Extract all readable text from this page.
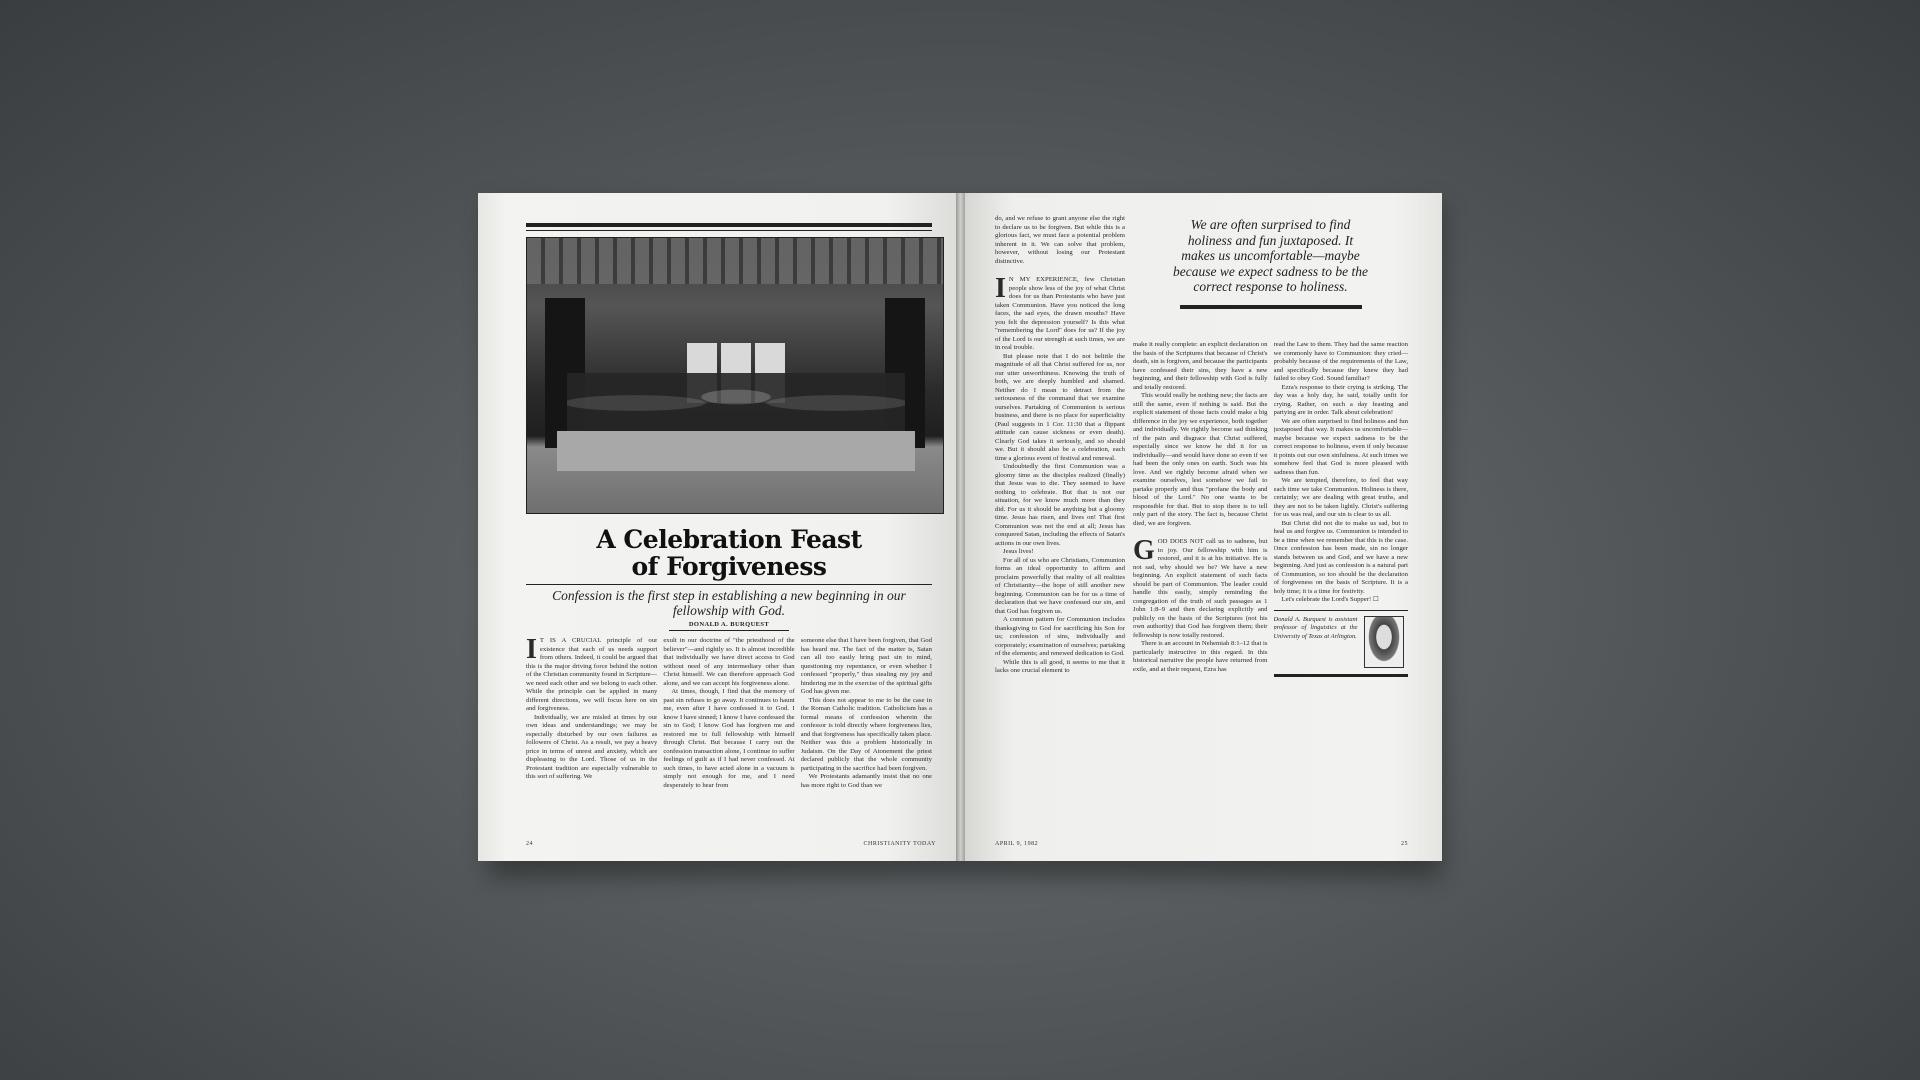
A Celebration Feast
of Forgiveness
Confession is the first step in establishing a new beginning in our fellowship with God.
DONALD A. BURQUEST

I T IS A CRUCIAL principle of our existence that each of us needs support from others. Indeed, it could be argued that this is the major driving force behind the notion of the Christian community found in Scripture—we need each other and we belong to each other. While the principle can be applied in many different directions, we will focus here on sin and forgiveness.

Individually, we are misled at times by our own ideas and understandings; we may be especially disturbed by our own failures as followers of Christ. As a result, we pay a heavy price in terms of unrest and anxiety, which are displeasing to the Lord. Those of us in the Protestant tradition are especially vulnerable to this sort of suffering. We

exult in our doctrine of "the priesthood of the believer"—and rightly so. It is almost incredible that individually we have direct access to God without need of any intermediary other than Christ himself. We can therefore approach God alone, and we can accept his forgiveness alone.

At times, though, I find that the memory of past sin refuses to go away. It continues to haunt me, even after I have confessed it to God. I know I have sinned; I know I have confessed the sin to God; I know God has forgiven me and restored me to full fellowship with himself through Christ. But because I carry out the confession transaction alone, I continue to suffer feelings of guilt as if I had never confessed. At such times, to have acted alone in a vacuum is simply not enough for me, and I need desperately to hear from

someone else that I have been forgiven, that God has heard me. The fact of the matter is, Satan can all too easily bring past sin to mind, questioning my repentance, or even whether I confessed "properly," thus stealing my joy and hindering me in the exercise of the spiritual gifts God has given me.

This does not appear to me to be the case in the Roman Catholic tradition. Catholicism has a formal means of confession wherein the confessor is told directly where forgiveness lies, and that forgiveness has specifically taken place. Neither was this a problem historically in Judaism. On the Day of Atonement the priest declared publicly that the whole community participating in the sacrifice had been forgiven.

We Protestants adamantly insist that no one has more right to God than we

24	CHRISTIANITY TODAY

do, and we refuse to grant anyone else the right to declare us to be forgiven. But while this is a glorious fact, we must face a potential problem inherent in it. We can solve that problem, however, without losing our Protestant distinctive.

I N MY EXPERIENCE, few Christian people show less of the joy of what Christ does for us than Protestants who have just taken Communion. Have you noticed the long faces, the sad eyes, the drawn mouths? Have you felt the depression yourself? Is this what "remembering the Lord" does for us? If the joy of the Lord is our strength at such times, we are in real trouble.

But please note that I do not belittle the magnitude of all that Christ suffered for us, nor our utter unworthiness. Knowing the truth of both, we are deeply humbled and shamed. Neither do I mean to detract from the seriousness of the command that we examine ourselves. Partaking of Communion is serious business, and there is no place for superficiality (Paul suggests in 1 Cor. 11:30 that a flippant attitude can cause sickness or even death). Clearly God takes it seriously, and so should we. But it should also be a celebration, each time a glorious event of festival and renewal.

Undoubtedly the first Communion was a gloomy time as the disciples realized (finally) that Jesus was to die. They seemed to have nothing to celebrate. But that is not our situation, for we know much more than they did. For us it should be anything but a gloomy time. Jesus has risen, and lives on! That first Communion was not the end at all; Jesus has conquered Satan, including the effects of Satan's actions in our own lives.

Jesus lives!

For all of us who are Christians, Communion forms an ideal opportunity to affirm and proclaim powerfully that reality of all realities of Christianity—the hope of still another new beginning. Communion can be for us a time of declaration that we have confessed our sin, and that God has forgiven us.

A common pattern for Communion includes thanksgiving to God for sacrificing his Son for us; confession of sins, individually and corporately; examination of ourselves; partaking of the elements; and renewed dedication to God.

While this is all good, it seems to me that it lacks one crucial element to

We are often surprised to find holiness and fun juxtaposed. It makes us uncomfortable—maybe because we expect sadness to be the correct response to holiness.

make it really complete: an explicit declaration on the basis of the Scriptures that because of Christ's death, sin is forgiven, and because the participants have confessed their sins, they have a new beginning, and their fellowship with God is fully and totally restored.

This would really be nothing new; the facts are still the same, even if nothing is said. But the explicit statement of those facts could make a big difference in the joy we experience, both together and individually. We rightly become sad thinking of the pain and disgrace that Christ suffered, especially since we know he did it for us individually—and would have done so even if we had been the only ones on earth. Such was his love. And we rightly become afraid when we examine ourselves, lest somehow we fail to partake properly and thus "profane the body and blood of the Lord." No one wants to be responsible for that. But to stop there is to tell only part of the story. The fact is, because Christ died, we are forgiven.

GOD DOES NOT call us to sadness, but to joy. Our fellowship with him is restored, and it is at his initiative. He is not sad, why should we be? We have a new beginning. An explicit statement of such facts should be part of Communion. The leader could handle this easily, simply reminding the congregation of the truth of such passages as 1 John 1:8–9 and then declaring explicitly and publicly on the basis of the Scriptures (not his own authority) that God has forgiven them; their fellowship is now totally restored.

There is an account in Nehemiah 8:1–12 that is particularly instructive in this regard. In this historical narrative the people have returned from exile, and at their request, Ezra has

read the Law to them. They had the same reaction we commonly have to Communion: they cried—probably because of the requirements of the Law, and specifically because they knew they had failed to obey God. Sound familiar?

Ezra's response to their crying is striking. The day was a holy day, he said, totally unfit for crying. Rather, on such a day feasting and partying are in order. Talk about celebration!

We are often surprised to find holiness and fun juxtaposed that way. It makes us uncomfortable—maybe because we expect sadness to be the correct response to holiness, even if only because it points out our own sinfulness. At such times we somehow feel that God is more pleased with sadness than fun.

We are tempted, therefore, to feel that way each time we take Communion. Holiness is there, certainly; we are dealing with great truths, and they are not to be taken lightly. Christ's suffering for us was real, and our sin is clear to us all.

But Christ did not die to make us sad, but to heal us and forgive us. Communion is intended to be a time when we remember that this is the case. Once confession has been made, sin no longer stands between us and God, and we have a new beginning. And just as confession is a natural part of Communion, so too should be the declaration of forgiveness on the basis of Scripture. It is a holy time; it is a time for festivity.

Let's celebrate the Lord's Supper! ☐

Donald A. Burquest is assistant professor of linguistics at the University of Texas at Arlington.
APRIL 9, 1982	25
